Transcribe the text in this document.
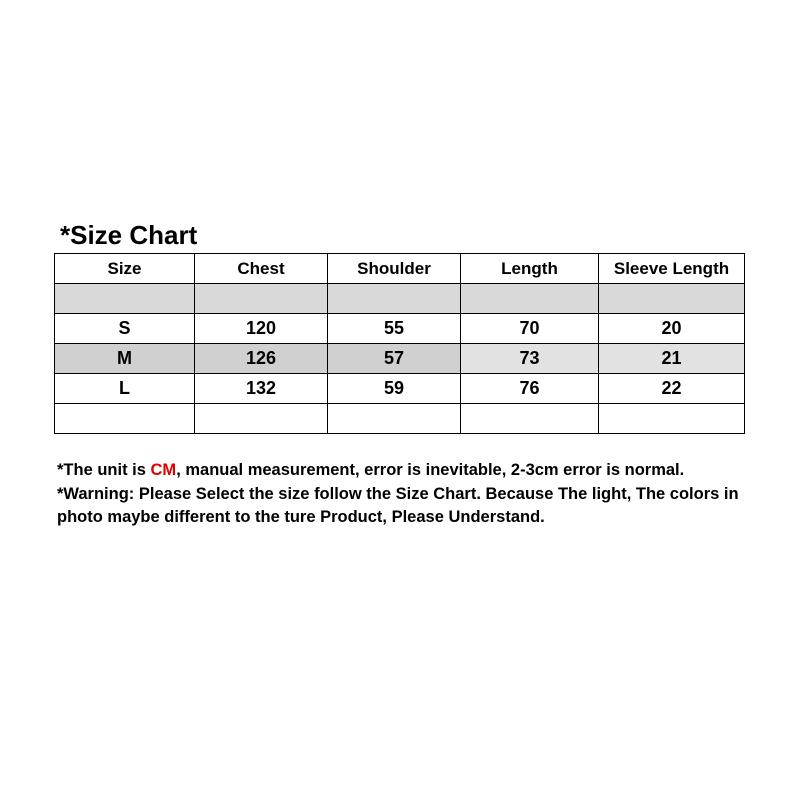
*Size Chart
Size	Chest	Shoulder	Length	Sleeve Length

S	120	55	70	20
M	126	57	73	21
L	132	59	76	22

*The unit is CM, manual measurement, error is inevitable, 2-3cm error is normal.

*Warning: Please Select the size follow the Size Chart. Because The light, The colors in photo maybe different to the ture Product, Please Understand.
